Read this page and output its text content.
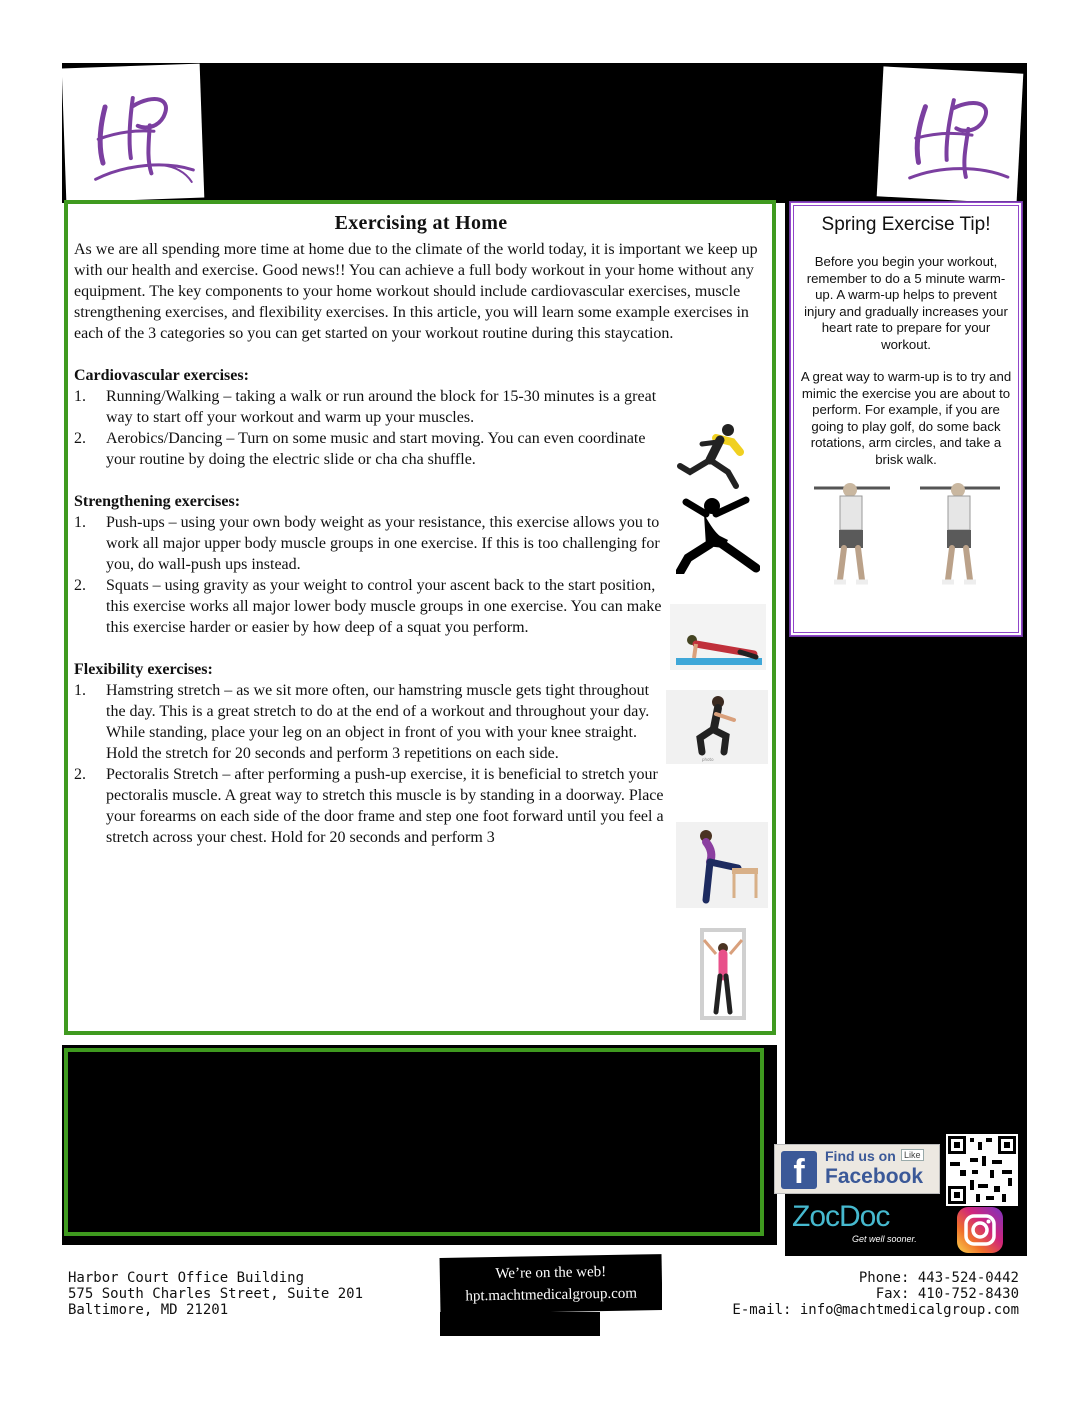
Exercising at Home

As we are all spending more time at home due to the climate of the world today, it is important we keep up with our health and exercise. Good news!! You can achieve a full body workout in your home without any equipment. The key components to your home workout should include cardiovascular exercises, muscle strengthening exercises, and flexibility exercises. In this article, you will learn some example exercises in each of the 3 categories so you can get started on your workout routine during this staycation.

Cardiovascular exercises:
1. Running/Walking – taking a walk or run around the block for 15-30 minutes is a great way to start off your workout and warm up your muscles.
2. Aerobics/Dancing – Turn on some music and start moving. You can even coordinate your routine by doing the electric slide or cha cha shuffle.
Strengthening exercises:
1. Push-ups – using your own body weight as your resistance, this exercise allows you to work all major upper body muscle groups in one exercise. If this is too challenging for you, do wall-push ups instead.
2. Squats – using gravity as your weight to control your ascent back to the start position, this exercise works all major lower body muscle groups in one exercise. You can make this exercise harder or easier by how deep of a squat you perform.
Flexibility exercises:
1. Hamstring stretch – as we sit more often, our hamstring muscle gets tight throughout the day. This is a great stretch to do at the end of a workout and throughout your day. While standing, place your leg on an object in front of you with your knee straight. Hold the stretch for 20 seconds and perform 3 repetitions on each side.
2. Pectoralis Stretch – after performing a push-up exercise, it is beneficial to stretch your pectoralis muscle. A great way to stretch this muscle is by standing in a doorway. Place your forearms on each side of the door frame and step one foot forward until you feel a stretch across your chest. Hold for 20 seconds and perform 3
photo
Spring Exercise Tip!

Before you begin your workout, remember to do a 5 minute warm-up. A warm-up helps to prevent injury and gradually increases your heart rate to prepare for your workout.

A great way to warm-up is to try and mimic the exercise you are about to perform. For example, if you are going to play golf, do some back rotations, arm circles, and take a brisk walk.

f	Find us on
Facebook
Like
ZocDoc
Get well sooner.
Harbor Court Office Building
575 South Charles Street, Suite 201
Baltimore, MD 21201
We’re on the web!
hpt.machtmedicalgroup.com
Phone: 443-524-0442
Fax: 410-752-8430
E-mail: info@machtmedicalgroup.com
